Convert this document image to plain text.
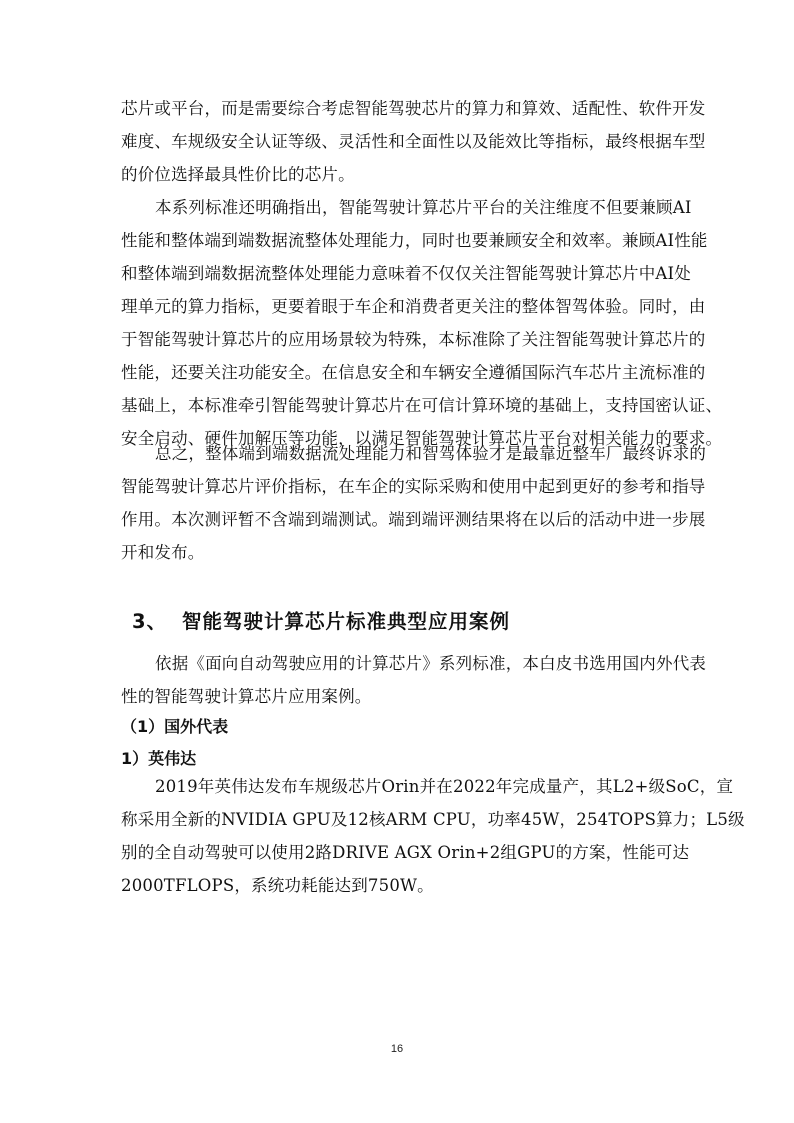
芯片或平台，而是需要综合考虑智能驾驶芯片的算力和算效、适配性、软件开发
难度、车规级安全认证等级、灵活性和全面性以及能效比等指标，最终根据车型
的价位选择最具性价比的芯片。
本系列标准还明确指出，智能驾驶计算芯片平台的关注维度不但要兼顾AI
性能和整体端到端数据流整体处理能力，同时也要兼顾安全和效率。兼顾AI性能
和整体端到端数据流整体处理能力意味着不仅仅关注智能驾驶计算芯片中AI处
理单元的算力指标，更要着眼于车企和消费者更关注的整体智驾体验。同时，由
于智能驾驶计算芯片的应用场景较为特殊，本标准除了关注智能驾驶计算芯片的
性能，还要关注功能安全。在信息安全和车辆安全遵循国际汽车芯片主流标准的
基础上，本标准牵引智能驾驶计算芯片在可信计算环境的基础上，支持国密认证、
安全启动、硬件加解压等功能，以满足智能驾驶计算芯片平台对相关能力的要求。
总之，整体端到端数据流处理能力和智驾体验才是最靠近整车厂最终诉求的
智能驾驶计算芯片评价指标，在车企的实际采购和使用中起到更好的参考和指导
作用。本次测评暂不含端到端测试。端到端评测结果将在以后的活动中进一步展
开和发布。
3、 智能驾驶计算芯片标准典型应用案例
依据《面向自动驾驶应用的计算芯片》系列标准，本白皮书选用国内外代表
性的智能驾驶计算芯片应用案例。
（1）国外代表
1）英伟达
2019年英伟达发布车规级芯片Orin并在2022年完成量产，其L2+级SoC，宣
称采用全新的NVIDIA GPU及12核ARM CPU，功率45W，254TOPS算力；L5级
别的全自动驾驶可以使用2路DRIVE AGX Orin+2组GPU的方案，性能可达
2000TFLOPS，系统功耗能达到750W。
16
